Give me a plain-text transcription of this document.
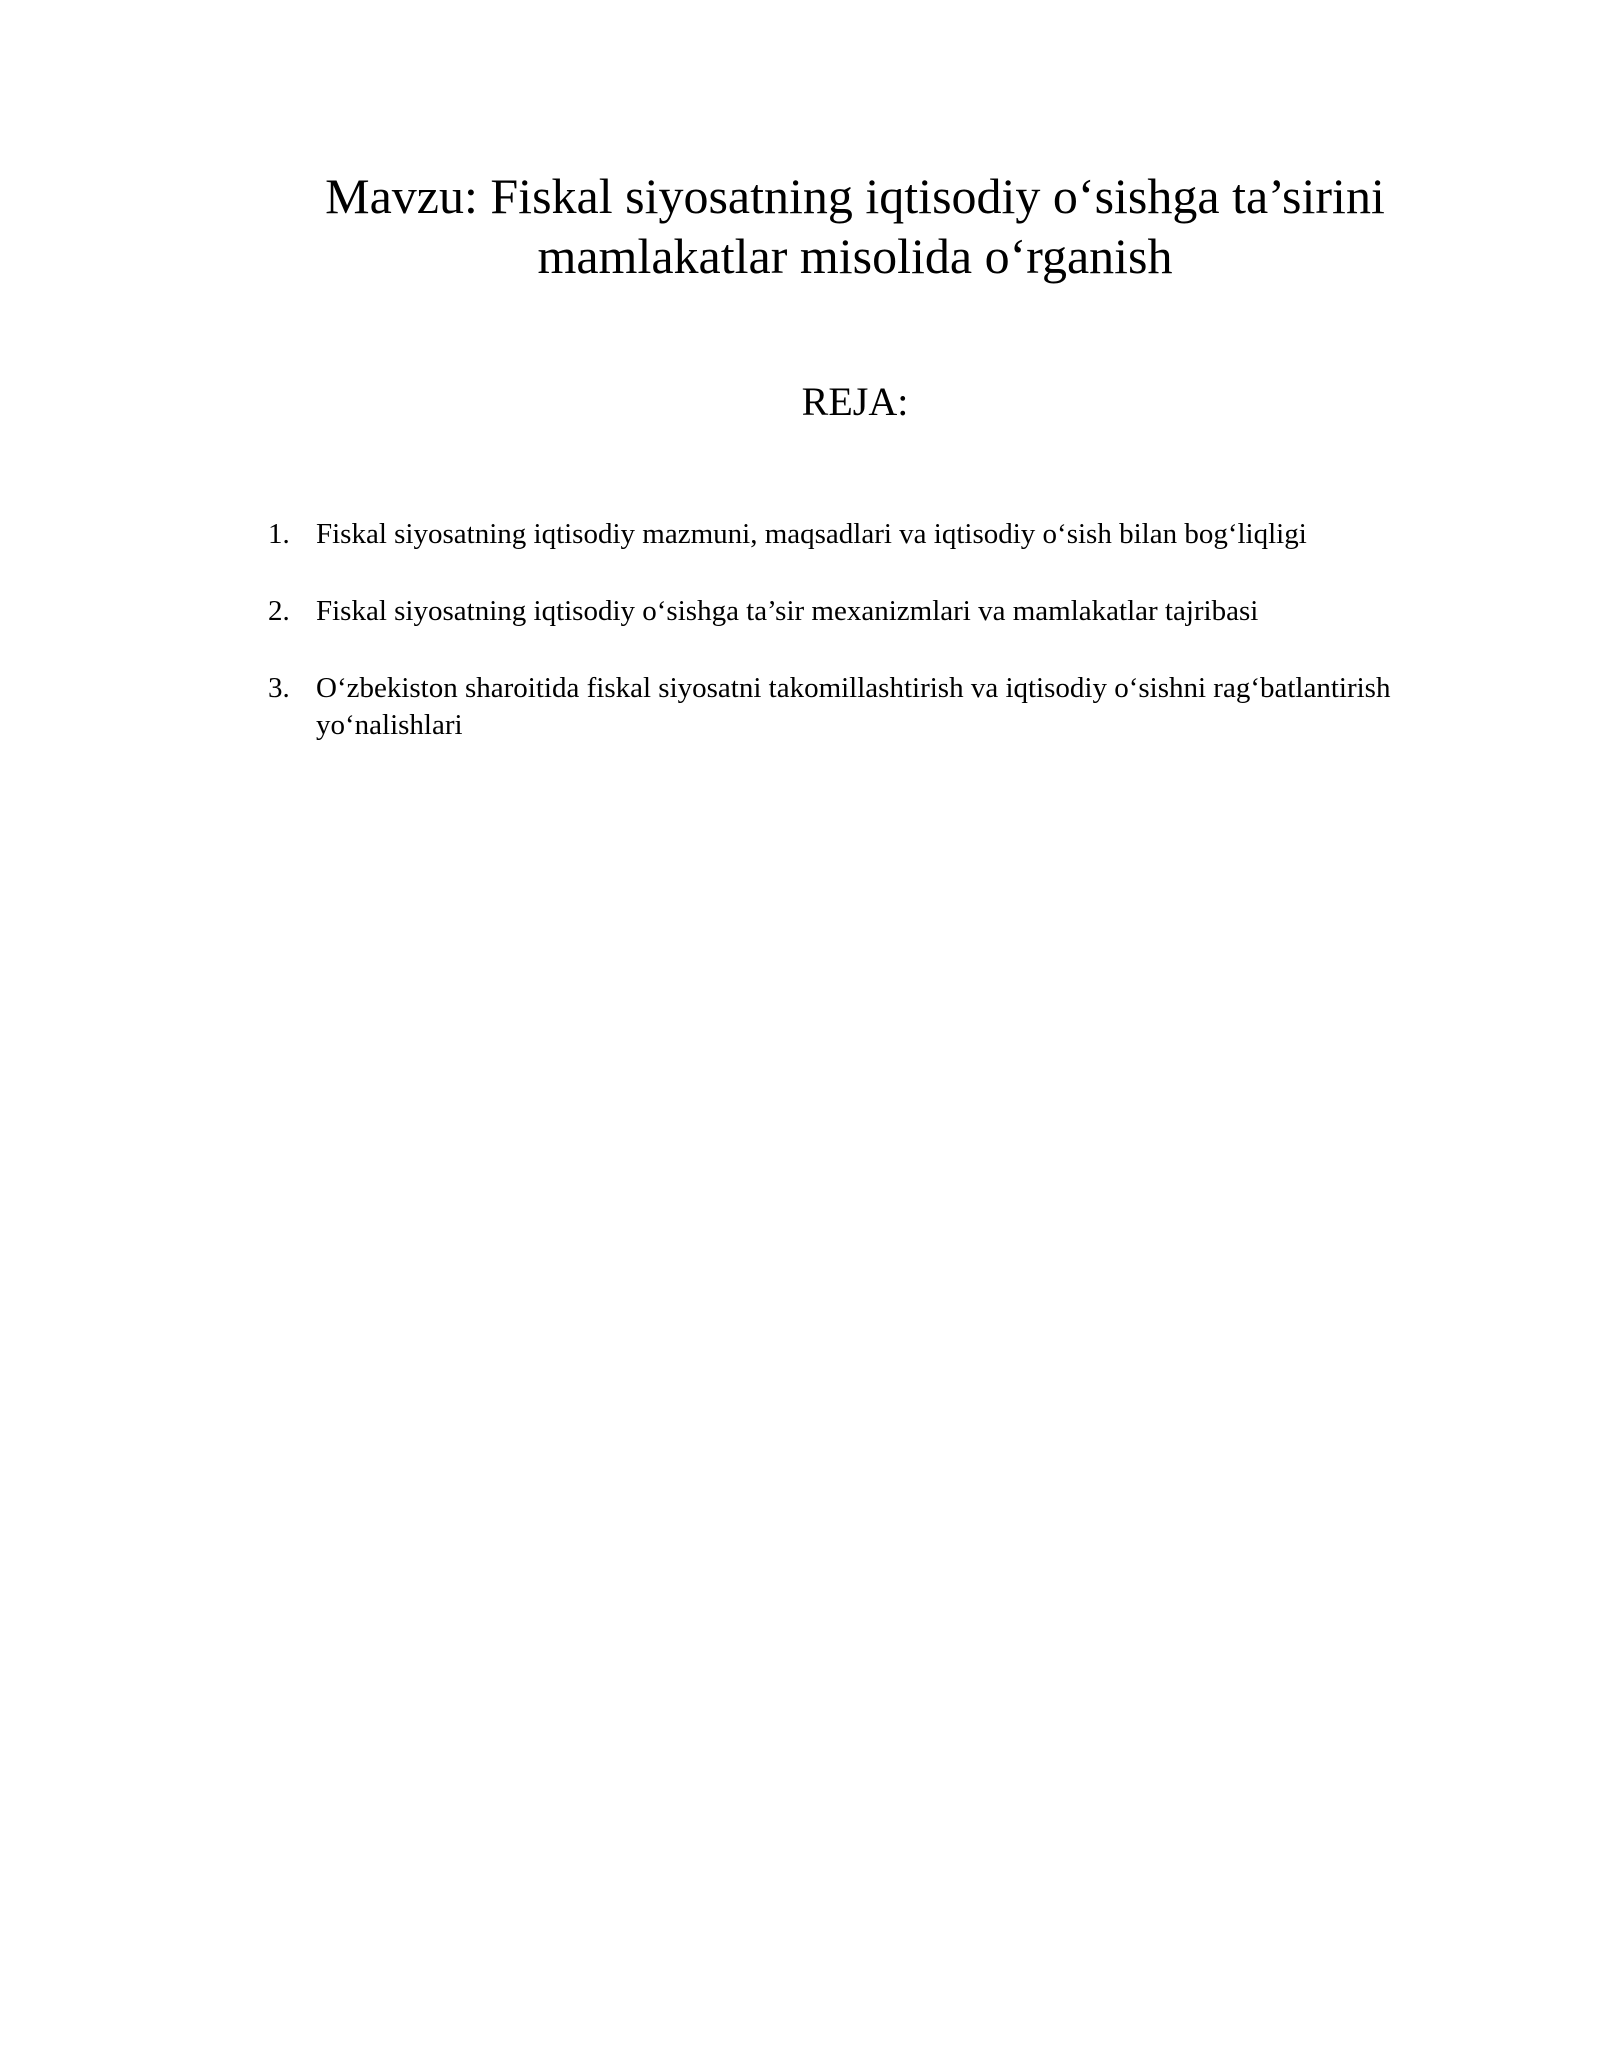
Mavzu: Fiskal siyosatning iqtisodiy o‘sishga ta’sirini
mamlakatlar misolida o‘rganish
REJA:
1. Fiskal siyosatning iqtisodiy mazmuni, maqsadlari va iqtisodiy o‘sish bilan bog‘liqligi
2. Fiskal siyosatning iqtisodiy o‘sishga ta’sir mexanizmlari va mamlakatlar tajribasi
3. O‘zbekiston sharoitida fiskal siyosatni takomillashtirish va iqtisodiy o‘sishni rag‘batlantirish yo‘nalishlari
